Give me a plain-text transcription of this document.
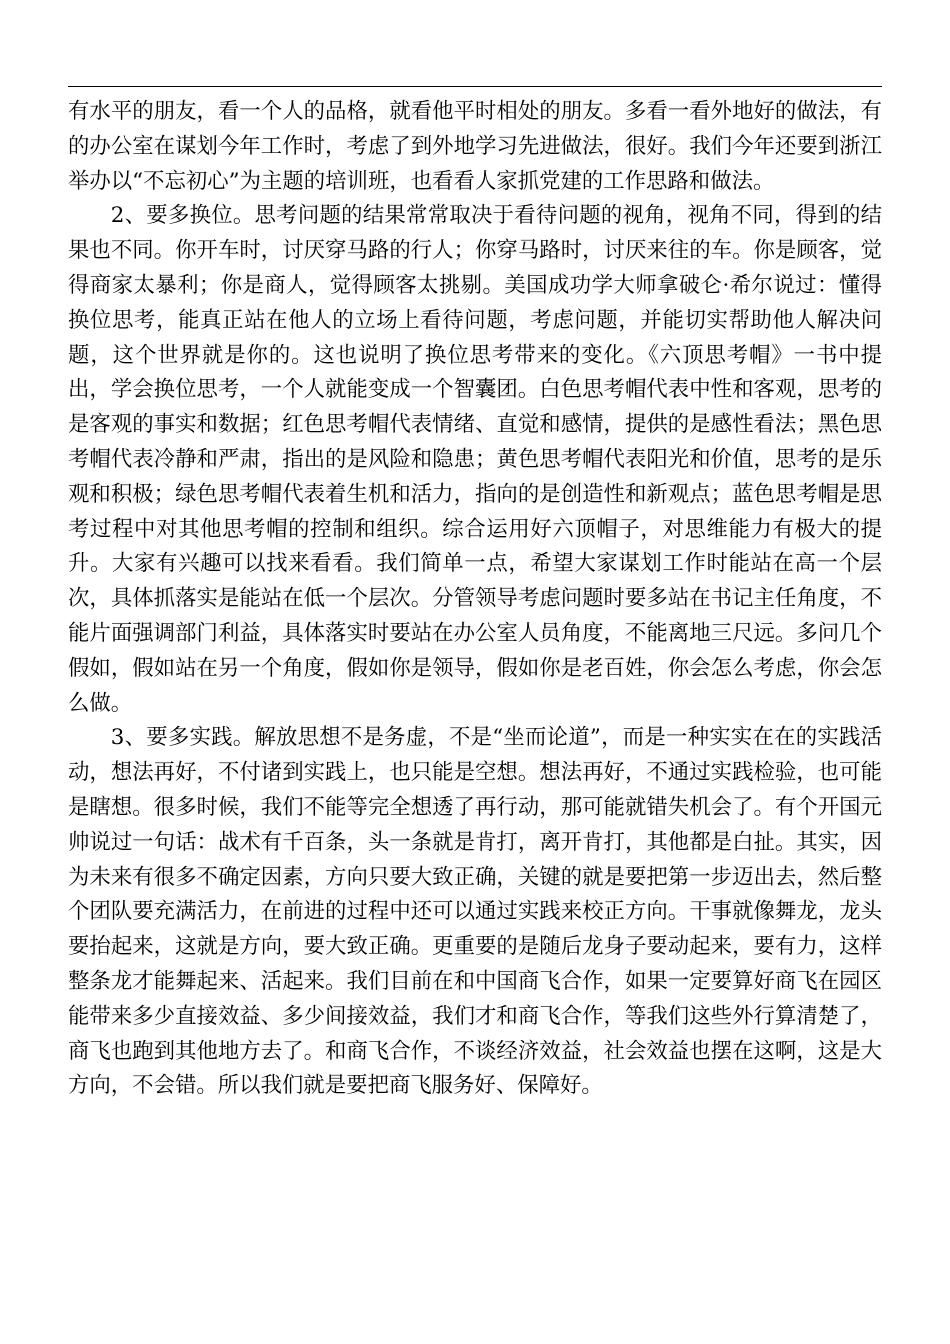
有水平的朋友，看一个人的品格，就看他平时相处的朋友。多看一看外地好的做法，有的办公室在谋划今年工作时，考虑了到外地学习先进做法，很好。我们今年还要到浙江举办以“不忘初心”为主题的培训班，也看看人家抓党建的工作思路和做法。

2、要多换位。思考问题的结果常常取决于看待问题的视角，视角不同，得到的结果也不同。你开车时，讨厌穿马路的行人；你穿马路时，讨厌来往的车。你是顾客，觉得商家太暴利；你是商人，觉得顾客太挑剔。美国成功学大师拿破仑·希尔说过：懂得换位思考，能真正站在他人的立场上看待问题，考虑问题，并能切实帮助他人解决问题，这个世界就是你的。这也说明了换位思考带来的变化。《六顶思考帽》一书中提出，学会换位思考，一个人就能变成一个智囊团。白色思考帽代表中性和客观，思考的是客观的事实和数据；红色思考帽代表情绪、直觉和感情，提供的是感性看法；黑色思考帽代表冷静和严肃，指出的是风险和隐患；黄色思考帽代表阳光和价值，思考的是乐观和积极；绿色思考帽代表着生机和活力，指向的是创造性和新观点；蓝色思考帽是思考过程中对其他思考帽的控制和组织。综合运用好六顶帽子，对思维能力有极大的提升。大家有兴趣可以找来看看。我们简单一点，希望大家谋划工作时能站在高一个层次，具体抓落实是能站在低一个层次。分管领导考虑问题时要多站在书记主任角度，不能片面强调部门利益，具体落实时要站在办公室人员角度，不能离地三尺远。多问几个假如，假如站在另一个角度，假如你是领导，假如你是老百姓，你会怎么考虑，你会怎么做。

3、要多实践。解放思想不是务虚，不是“坐而论道”，而是一种实实在在的实践活动，想法再好，不付诸到实践上，也只能是空想。想法再好，不通过实践检验，也可能是瞎想。很多时候，我们不能等完全想透了再行动，那可能就错失机会了。有个开国元帅说过一句话：战术有千百条，头一条就是肯打，离开肯打，其他都是白扯。其实，因为未来有很多不确定因素，方向只要大致正确，关键的就是要把第一步迈出去，然后整个团队要充满活力，在前进的过程中还可以通过实践来校正方向。干事就像舞龙，龙头要抬起来，这就是方向，要大致正确。更重要的是随后龙身子要动起来，要有力，这样整条龙才能舞起来、活起来。我们目前在和中国商飞合作，如果一定要算好商飞在园区能带来多少直接效益、多少间接效益，我们才和商飞合作，等我们这些外行算清楚了，商飞也跑到其他地方去了。和商飞合作，不谈经济效益，社会效益也摆在这啊，这是大方向，不会错。所以我们就是要把商飞服务好、保障好。
